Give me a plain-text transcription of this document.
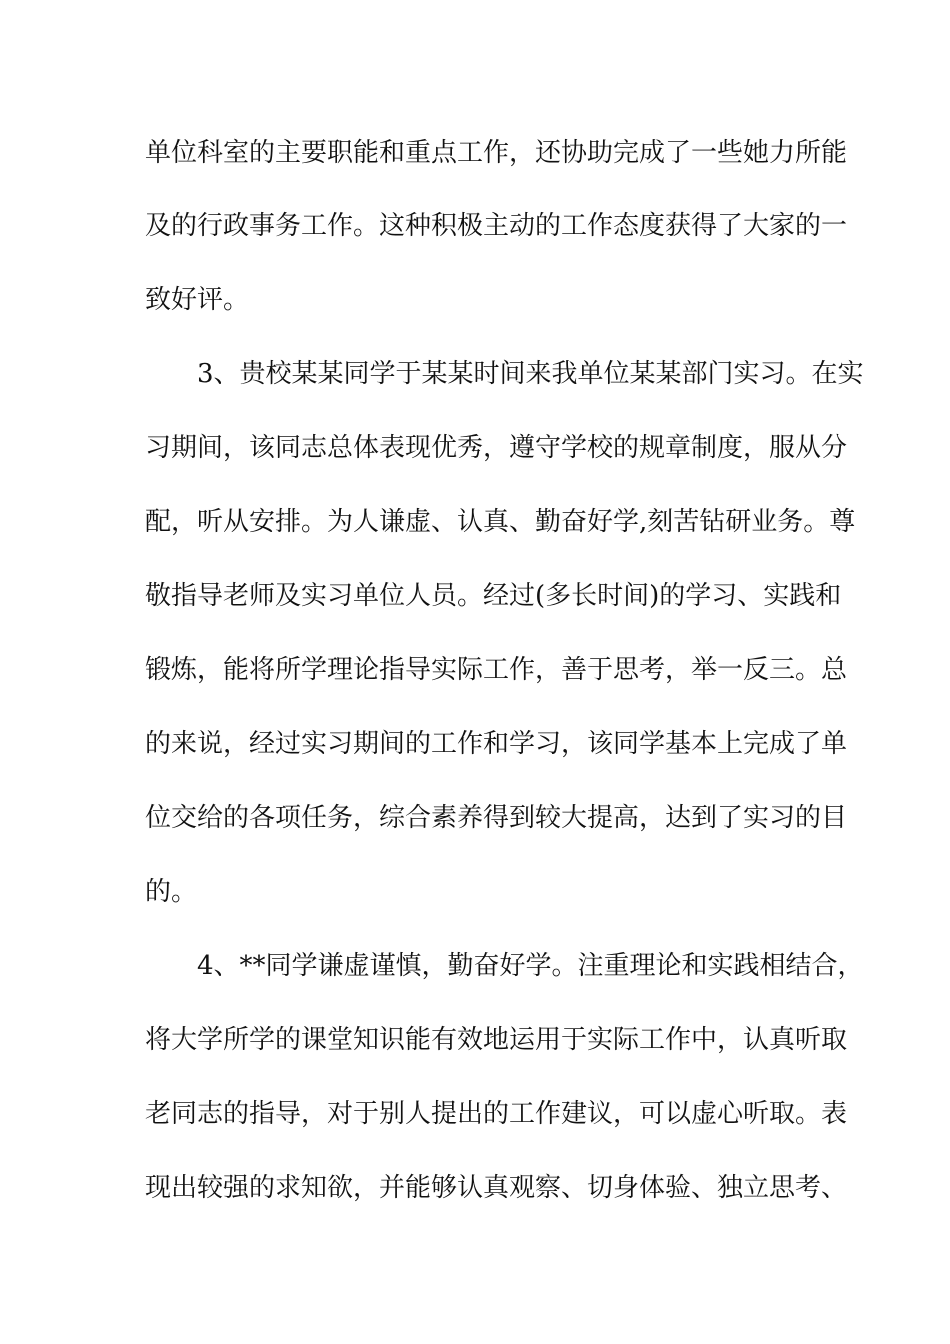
单位科室的主要职能和重点工作，还协助完成了一些她力所能
及的行政事务工作。这种积极主动的工作态度获得了大家的一
致好评。
3、贵校某某同学于某某时间来我单位某某部门实习。在实
习期间，该同志总体表现优秀，遵守学校的规章制度，服从分
配，听从安排。为人谦虚、认真、勤奋好学,刻苦钻研业务。尊
敬指导老师及实习单位人员。经过(多长时间)的学习、实践和
锻炼，能将所学理论指导实际工作，善于思考，举一反三。总
的来说，经过实习期间的工作和学习，该同学基本上完成了单
位交给的各项任务，综合素养得到较大提高，达到了实习的目
的。
4、**同学谦虚谨慎，勤奋好学。注重理论和实践相结合，
将大学所学的课堂知识能有效地运用于实际工作中，认真听取
老同志的指导，对于别人提出的工作建议，可以虚心听取。表
现出较强的求知欲，并能够认真观察、切身体验、独立思考、
